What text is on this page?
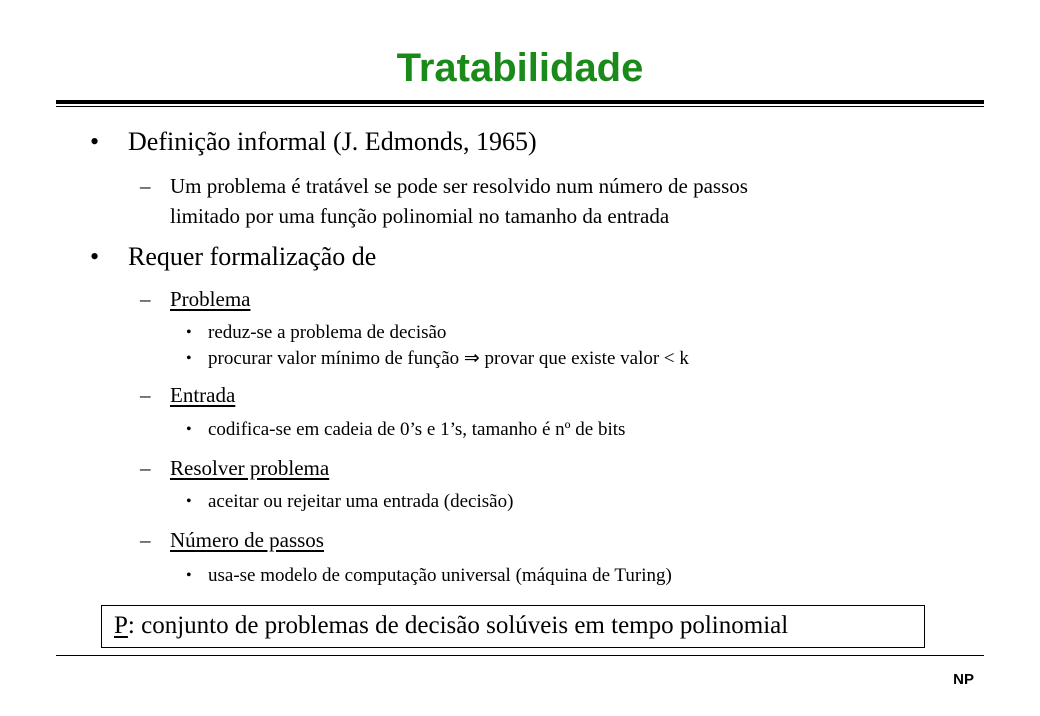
Tratabilidade
• Definição informal (J. Edmonds, 1965)
– Um problema é tratável se pode ser resolvido num número de passos
limitado por uma função polinomial no tamanho da entrada
• Requer formalização de
– Problema
• reduz-se a problema de decisão
• procurar valor mínimo de função ⇒ provar que existe valor < k
– Entrada
• codifica-se em cadeia de 0’s e 1’s, tamanho é nº de bits
– Resolver problema
• aceitar ou rejeitar uma entrada (decisão)
– Número de passos
• usa-se modelo de computação universal (máquina de Turing)
P: conjunto de problemas de decisão solúveis em tempo polinomial
NP
